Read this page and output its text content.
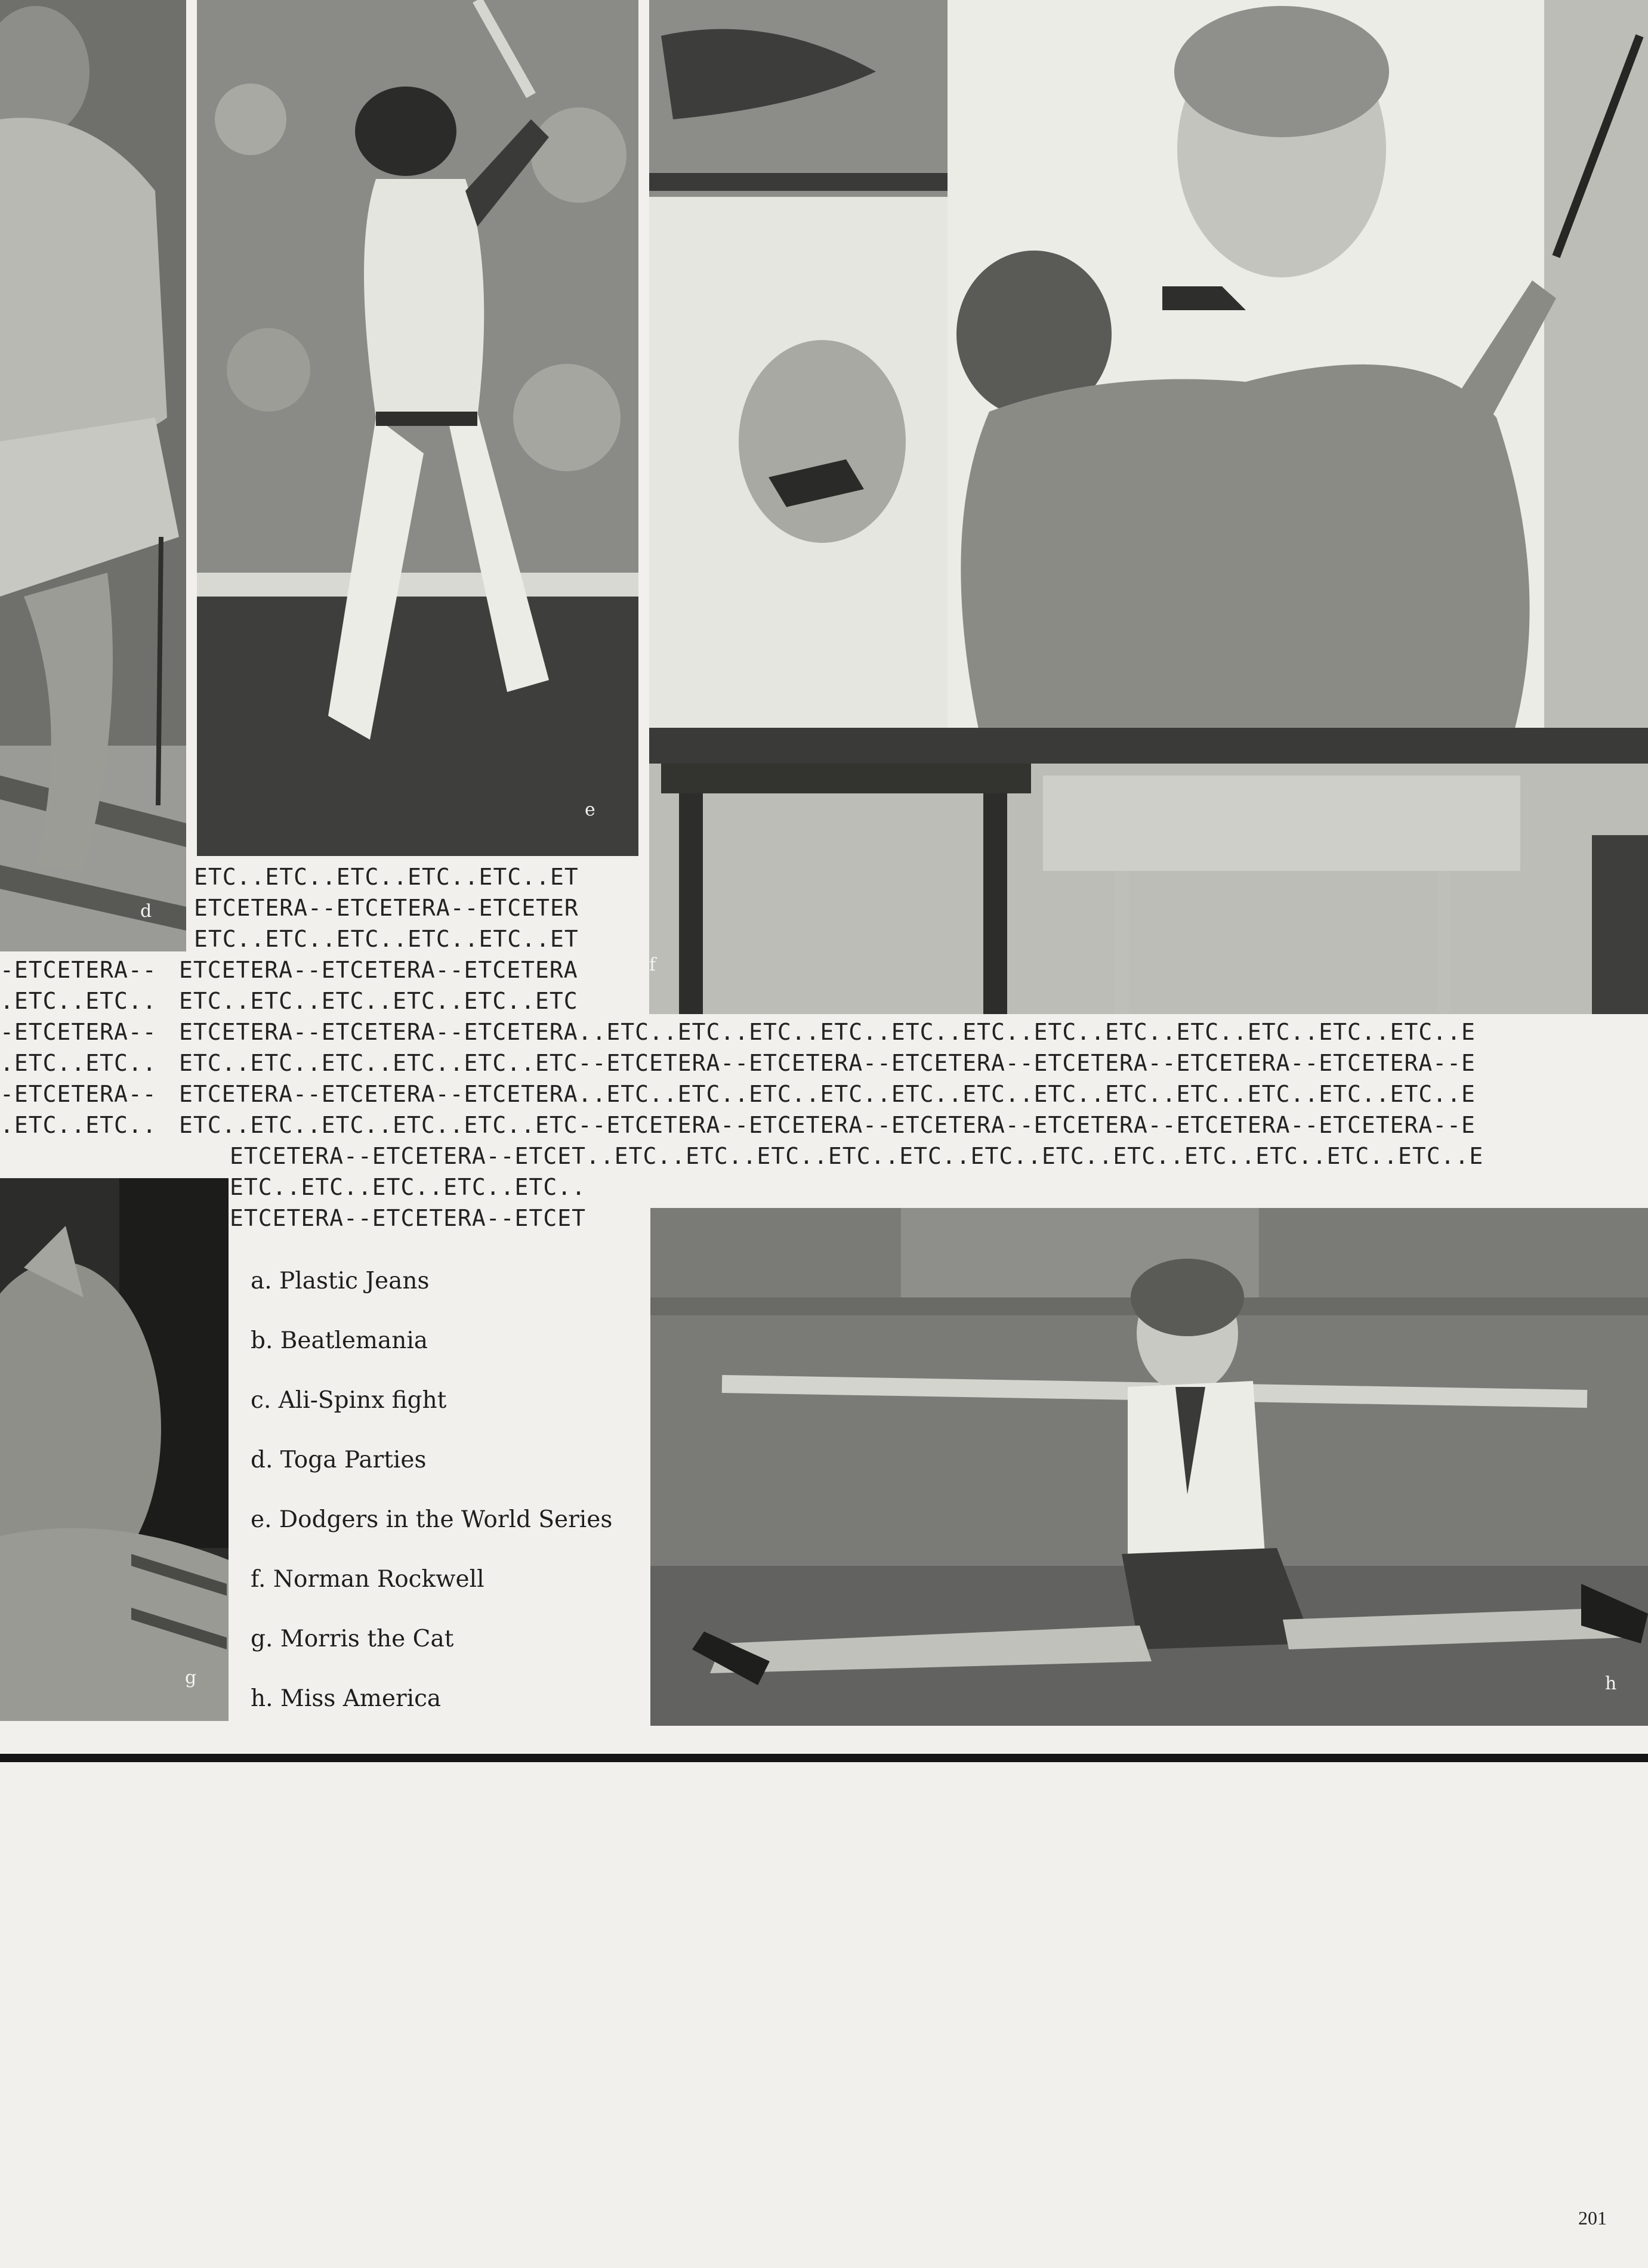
d
e
f
g	h
ETC..ETC..ETC..ETC..ETC..ET
ETCETERA--ETCETERA--ETCETER
ETC..ETC..ETC..ETC..ETC..ET
-ETCETERA--
.ETC..ETC..
-ETCETERA--
.ETC..ETC..
-ETCETERA--
.ETC..ETC..
ETCETERA--ETCETERA--ETCETERA
ETC..ETC..ETC..ETC..ETC..ETC
ETCETERA--ETCETERA--ETCETERA..ETC..ETC..ETC..ETC..ETC..ETC..ETC..ETC..ETC..ETC..ETC..ETC..E
ETC..ETC..ETC..ETC..ETC..ETC--ETCETERA--ETCETERA--ETCETERA--ETCETERA--ETCETERA--ETCETERA--E
ETCETERA--ETCETERA--ETCETERA..ETC..ETC..ETC..ETC..ETC..ETC..ETC..ETC..ETC..ETC..ETC..ETC..E
ETC..ETC..ETC..ETC..ETC..ETC--ETCETERA--ETCETERA--ETCETERA--ETCETERA--ETCETERA--ETCETERA--E
ETCETERA--ETCETERA--ETCET..ETC..ETC..ETC..ETC..ETC..ETC..ETC..ETC..ETC..ETC..ETC..ETC..E
ETC..ETC..ETC..ETC..ETC..
ETCETERA--ETCETERA--ETCET
a. Plastic Jeans
b. Beatlemania
c. Ali-Spinx fight
d. Toga Parties
e. Dodgers in the World Series
f. Norman Rockwell
g. Morris the Cat
h. Miss America
201
